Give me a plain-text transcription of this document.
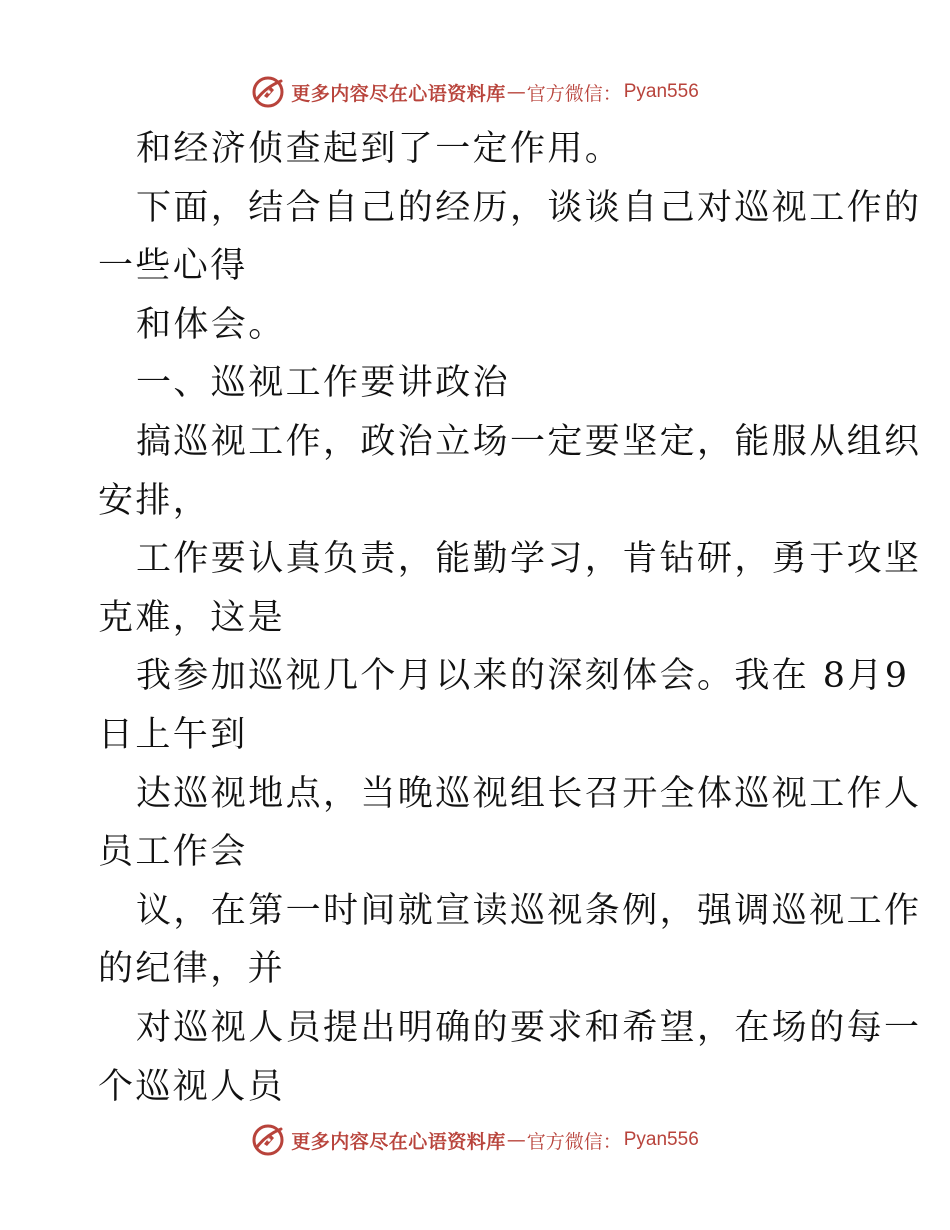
更多内容尽在心语资料库 — 官方微信： Pyan556
和经济侦查起到了一定作用。
下面，结合自己的经历，谈谈自己对巡视工作的
一些心得
和体会。
一、巡视工作要讲政治
搞巡视工作，政治立场一定要坚定，能服从组织
安排，
工作要认真负责，能勤学习，肯钻研，勇于攻坚
克难，这是
我参加巡视几个月以来的深刻体会。我在 8月9
日上午到
达巡视地点，当晚巡视组长召开全体巡视工作人
员工作会
议，在第一时间就宣读巡视条例，强调巡视工作
的纪律，并
对巡视人员提出明确的要求和希望，在场的每一
个巡视人员
更多内容尽在心语资料库 — 官方微信： Pyan556
